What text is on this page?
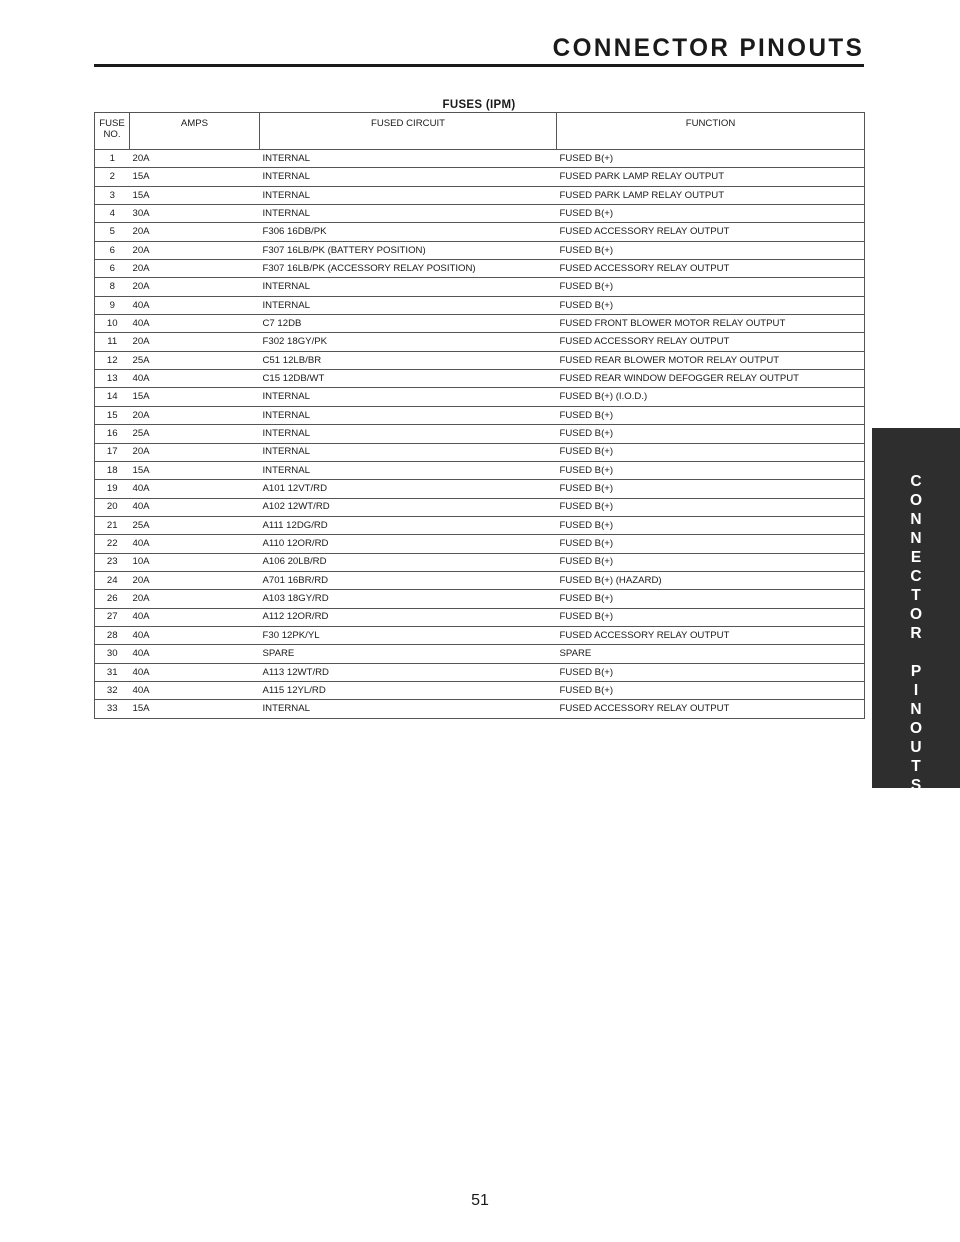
CONNECTOR PINOUTS
FUSES (IPM)
FUSE NO.	AMPS	FUSED CIRCUIT	FUNCTION
1	20A	INTERNAL	FUSED B(+)
2	15A	INTERNAL	FUSED PARK LAMP RELAY OUTPUT
3	15A	INTERNAL	FUSED PARK LAMP RELAY OUTPUT
4	30A	INTERNAL	FUSED B(+)
5	20A	F306 16DB/PK	FUSED ACCESSORY RELAY OUTPUT
6	20A	F307 16LB/PK (BATTERY POSITION)	FUSED B(+)
6	20A	F307 16LB/PK (ACCESSORY RELAY POSITION)	FUSED ACCESSORY RELAY OUTPUT
8	20A	INTERNAL	FUSED B(+)
9	40A	INTERNAL	FUSED B(+)
10	40A	C7 12DB	FUSED FRONT BLOWER MOTOR RELAY OUTPUT
11	20A	F302 18GY/PK	FUSED ACCESSORY RELAY OUTPUT
12	25A	C51 12LB/BR	FUSED REAR BLOWER MOTOR RELAY OUTPUT
13	40A	C15 12DB/WT	FUSED REAR WINDOW DEFOGGER RELAY OUTPUT
14	15A	INTERNAL	FUSED B(+) (I.O.D.)
15	20A	INTERNAL	FUSED B(+)
16	25A	INTERNAL	FUSED B(+)
17	20A	INTERNAL	FUSED B(+)
18	15A	INTERNAL	FUSED B(+)
19	40A	A101 12VT/RD	FUSED B(+)
20	40A	A102 12WT/RD	FUSED B(+)
21	25A	A111 12DG/RD	FUSED B(+)
22	40A	A110 12OR/RD	FUSED B(+)
23	10A	A106 20LB/RD	FUSED B(+)
24	20A	A701 16BR/RD	FUSED B(+) (HAZARD)
26	20A	A103 18GY/RD	FUSED B(+)
27	40A	A112 12OR/RD	FUSED B(+)
28	40A	F30 12PK/YL	FUSED ACCESSORY RELAY OUTPUT
30	40A	SPARE	SPARE
31	40A	A113 12WT/RD	FUSED B(+)
32	40A	A115 12YL/RD	FUSED B(+)
33	15A	INTERNAL	FUSED ACCESSORY RELAY OUTPUT
C
O
N
N
E
C
T
O
R
P
I
N
O
U
T
S
51
